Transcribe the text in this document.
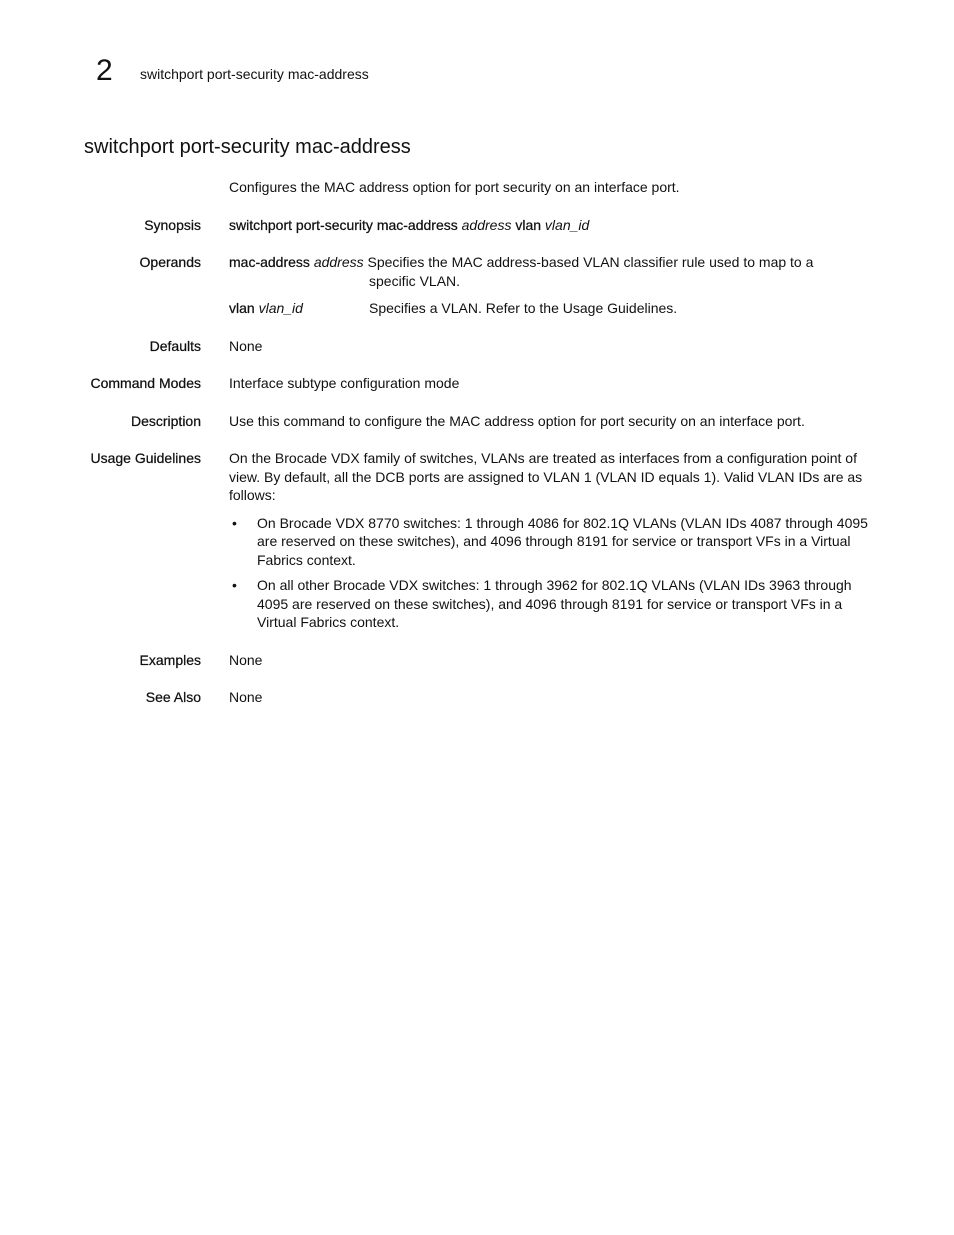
2 switchport port-security mac-address
switchport port-security mac-address
Configures the MAC address option for port security on an interface port.
Synopsis switchport port-security mac-address address vlan vlan_id
Operands mac-address address Specifies the MAC address-based VLAN classifier rule used to map to a
specific VLAN.
vlan vlan_id	Specifies a VLAN. Refer to the Usage Guidelines.
Defaults None
Command Modes Interface subtype configuration mode
Description Use this command to configure the MAC address option for port security on an interface port.
Usage Guidelines On the Brocade VDX family of switches, VLANs are treated as interfaces from a configuration point of view. By default, all the DCB ports are assigned to VLAN 1 (VLAN ID equals 1). Valid VLAN IDs are as follows:
• On Brocade VDX 8770 switches: 1 through 4086 for 802.1Q VLANs (VLAN IDs 4087 through 4095 are reserved on these switches), and 4096 through 8191 for service or transport VFs in a Virtual Fabrics context.
• On all other Brocade VDX switches: 1 through 3962 for 802.1Q VLANs (VLAN IDs 3963 through 4095 are reserved on these switches), and 4096 through 8191 for service or transport VFs in a Virtual Fabrics context.
Examples None
See Also None
